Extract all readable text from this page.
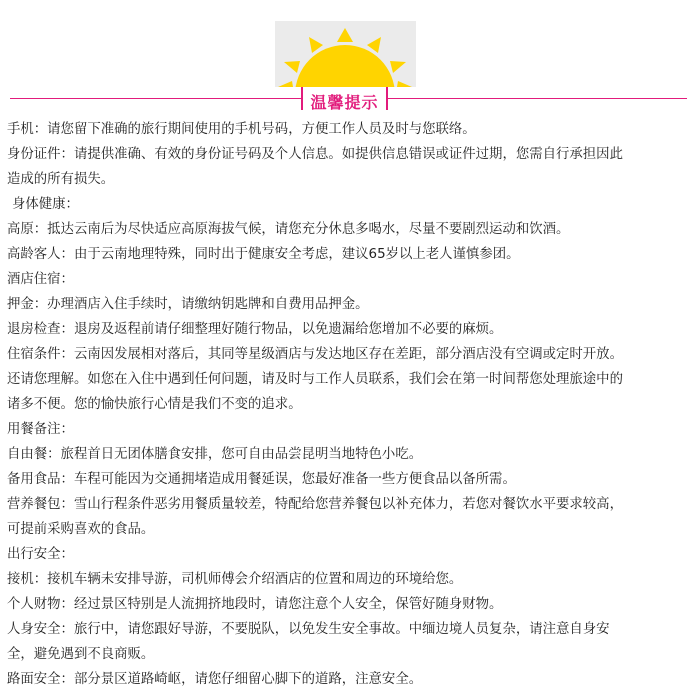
温馨提示
手机：请您留下准确的旅行期间使用的手机号码，方便工作人员及时与您联络。
身份证件：请提供准确、有效的身份证号码及个人信息。如提供信息错误或证件过期，您需自行承担因此
造成的所有损失。
身体健康：
高原：抵达云南后为尽快适应高原海拔气候，请您充分休息多喝水，尽量不要剧烈运动和饮酒。
高龄客人：由于云南地理特殊，同时出于健康安全考虑，建议65岁以上老人谨慎参团。
酒店住宿：
押金：办理酒店入住手续时，请缴纳钥匙牌和自费用品押金。
退房检查：退房及返程前请仔细整理好随行物品，以免遗漏给您增加不必要的麻烦。
住宿条件：云南因发展相对落后，其同等星级酒店与发达地区存在差距，部分酒店没有空调或定时开放。
还请您理解。如您在入住中遇到任何问题，请及时与工作人员联系，我们会在第一时间帮您处理旅途中的
诸多不便。您的愉快旅行心情是我们不变的追求。
用餐备注：
自由餐：旅程首日无团体膳食安排，您可自由品尝昆明当地特色小吃。
备用食品：车程可能因为交通拥堵造成用餐延误，您最好准备一些方便食品以备所需。
营养餐包：雪山行程条件恶劣用餐质量较差，特配给您营养餐包以补充体力，若您对餐饮水平要求较高，
可提前采购喜欢的食品。
出行安全：
接机：接机车辆未安排导游，司机师傅会介绍酒店的位置和周边的环境给您。
个人财物：经过景区特别是人流拥挤地段时，请您注意个人安全，保管好随身财物。
人身安全：旅行中，请您跟好导游，不要脱队，以免发生安全事故。中缅边境人员复杂，请注意自身安
全，避免遇到不良商贩。
路面安全：部分景区道路崎岖，请您仔细留心脚下的道路，注意安全。
